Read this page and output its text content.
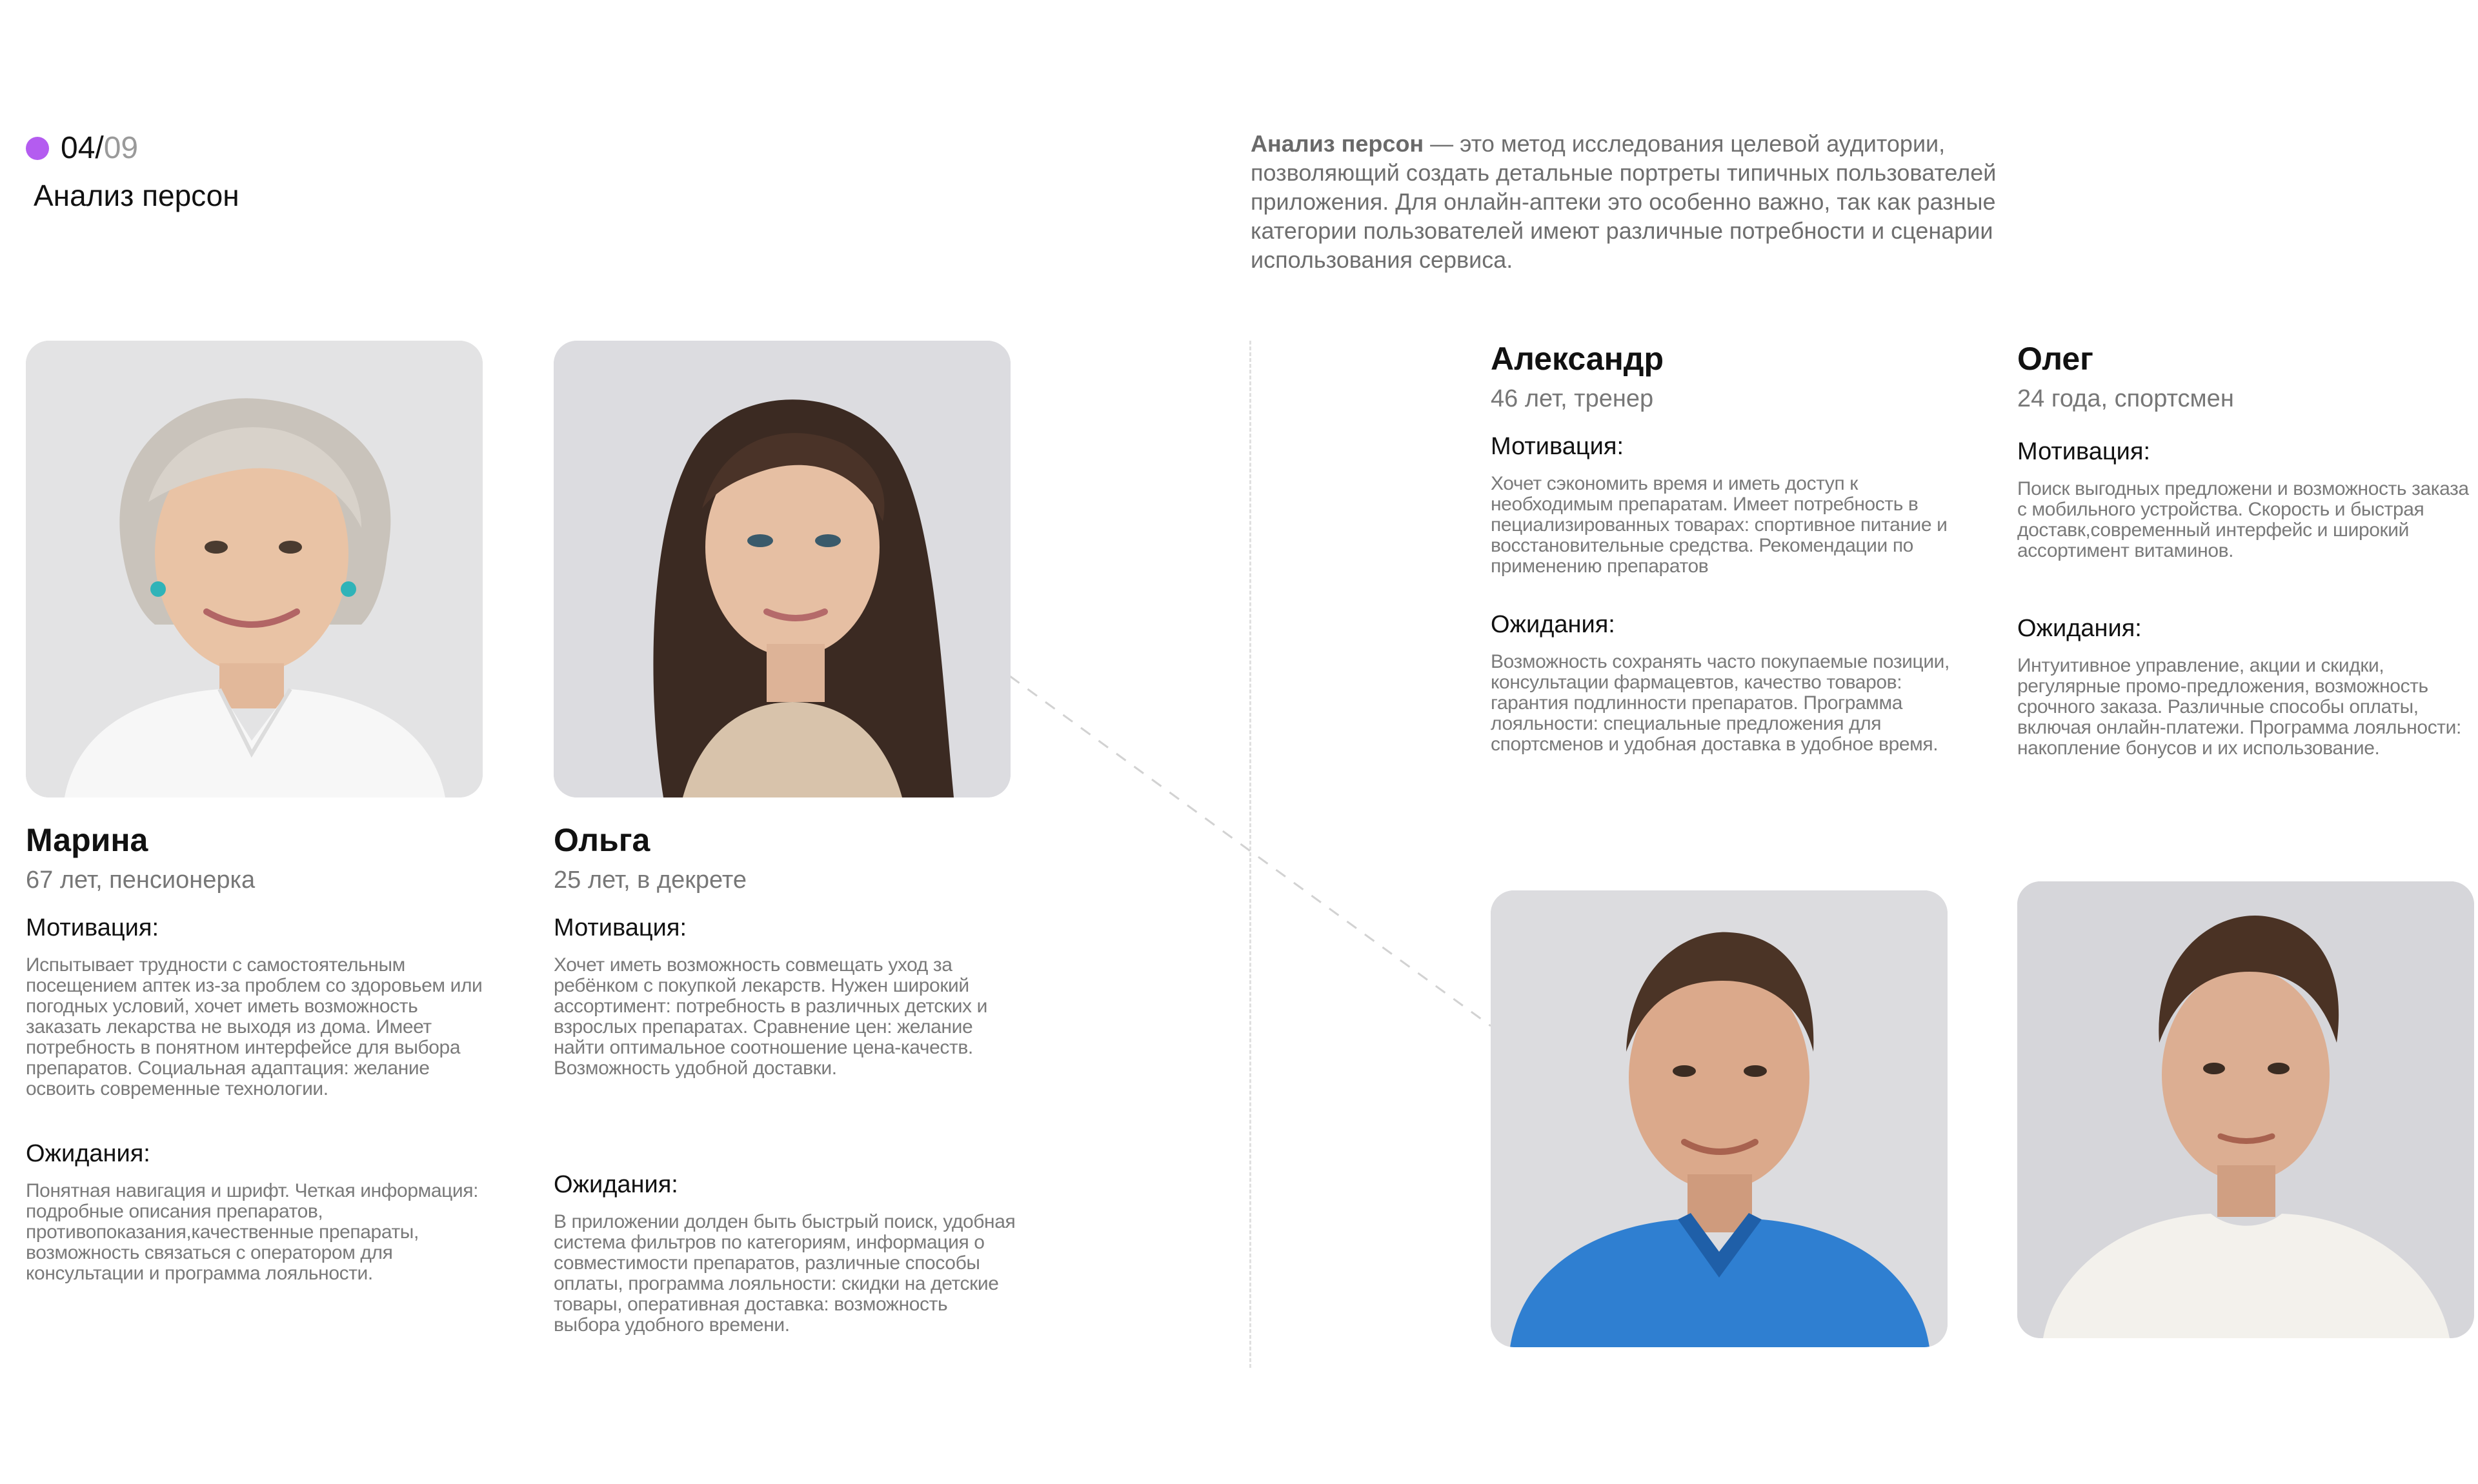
04 / 09
Анализ персон
Анализ персон — это метод исследования целевой аудитории, позволяющий создать детальные портреты типичных пользователей приложения. Для онлайн-аптеки это особенно важно, так как разные категории пользователей имеют различные потребности и сценарии использования сервиса.
Марина
67 лет, пенсионерка
Мотивация:
Испытывает трудности с самостоятельным посещением аптек из-за проблем со здоровьем или погодных условий, хочет иметь возможность заказать лекарства не выходя из дома. Имеет потребность в понятном интерфейсе для выбора препаратов. Социальная адаптация: желание освоить современные технологии.
Ожидания:
Понятная навигация и шрифт. Четкая информация: подробные описания препаратов, противопоказания,качественные препараты, возможность связаться с оператором для консультации и программа лояльности.
Ольга
25 лет, в декрете
Мотивация:
Хочет иметь возможность совмещать уход за ребёнком с покупкой лекарств. Нужен широкий ассортимент: потребность в различных детских и взрослых препаратах. Сравнение цен: желание найти оптимальное соотношение цена-качеств. Возможность удобной доставки.
Ожидания:
В приложении долден быть быстрый поиск, удобная система фильтров по категориям, информация о совместимости препаратов, различные способы оплаты, программа лояльности: скидки на детские товары, оперативная доставка: возможность выбора удобного времени.
Александр
46 лет, тренер
Мотивация:
Хочет сэкономить время и иметь доступ к необходимым препаратам. Имеет потребность в пециализированных товарах: спортивное питание и восстановительные средства. Рекомендации по применению препаратов
Ожидания:
Возможность сохранять часто покупаемые позиции, консультации фармацевтов, качество товаров: гарантия подлинности препаратов. Программа лояльности: специальные предложения для спортсменов и удобная доставка в удобное время.
Олег
24 года, спортсмен
Мотивация:
Поиск выгодных предложени и возможность заказа с мобильного устройства. Скорость и быстрая доставк,современный интерфейс и широкий ассортимент витаминов.
Ожидания:
Интуитивное управление, акции и скидки, регулярные промо-предложения, возможность срочного заказа. Различные способы оплаты, включая онлайн-платежи. Программа лояльности: накопление бонусов и их использование.
